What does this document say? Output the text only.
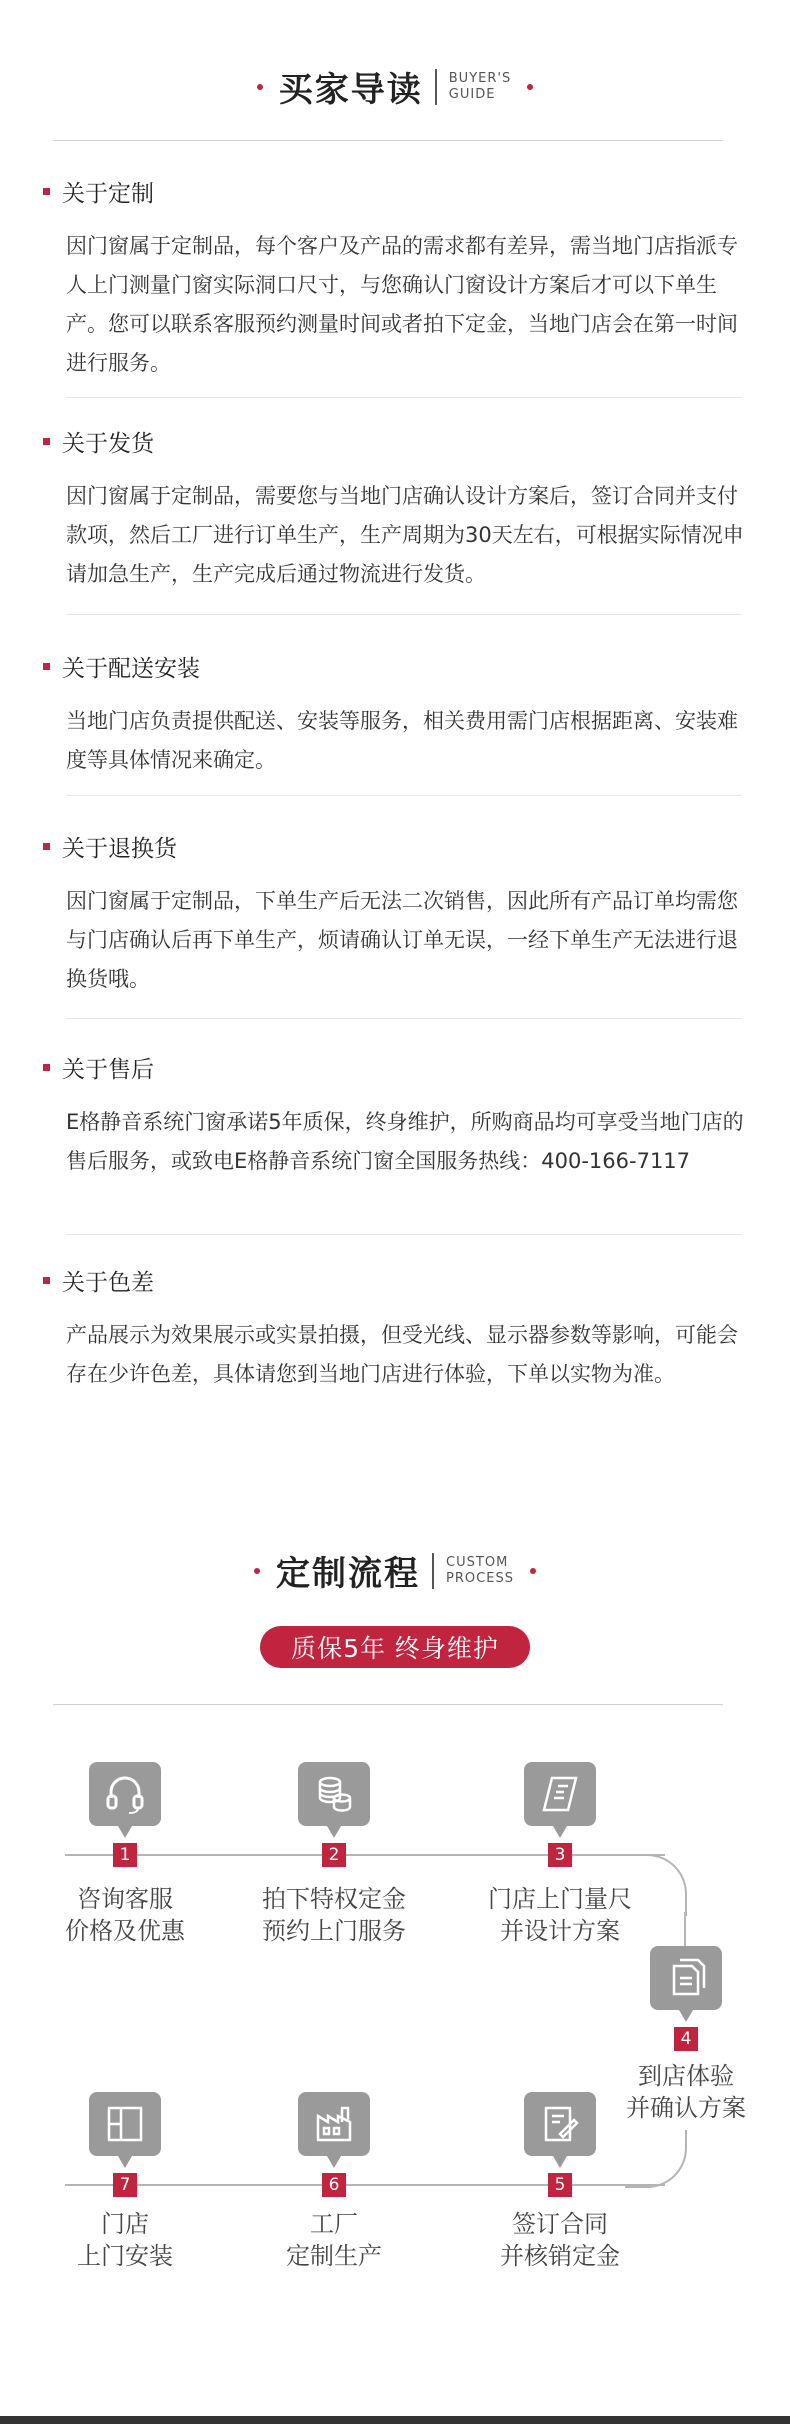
买家导读 BUYER'S
GUIDE
关于定制
因门窗属于定制品，每个客户及产品的需求都有差异，需当地门店指派专人上门测量门窗实际洞口尺寸，与您确认门窗设计方案后才可以下单生产。您可以联系客服预约测量时间或者拍下定金，当地门店会在第一时间进行服务。
关于发货
因门窗属于定制品，需要您与当地门店确认设计方案后，签订合同并支付款项，然后工厂进行订单生产，生产周期为30天左右，可根据实际情况申请加急生产，生产完成后通过物流进行发货。
关于配送安装
当地门店负责提供配送、安装等服务，相关费用需门店根据距离、安装难度等具体情况来确定。
关于退换货
因门窗属于定制品，下单生产后无法二次销售，因此所有产品订单均需您与门店确认后再下单生产，烦请确认订单无误，一经下单生产无法进行退换货哦。
关于售后
E格静音系统门窗承诺5年质保，终身维护，所购商品均可享受当地门店的售后服务，或致电E格静音系统门窗全国服务热线：400-166-7117
关于色差
产品展示为效果展示或实景拍摄，但受光线、显示器参数等影响，可能会存在少许色差，具体请您到当地门店进行体验，下单以实物为准。
定制流程 CUSTOM
PROCESS
质保5年 终身维护
1
咨询客服
价格及优惠
2
拍下特权定金
预约上门服务
3
门店上门量尺
并设计方案
4
到店体验
并确认方案
5
签订合同
并核销定金
6
工厂
定制生产
7
门店
上门安装
